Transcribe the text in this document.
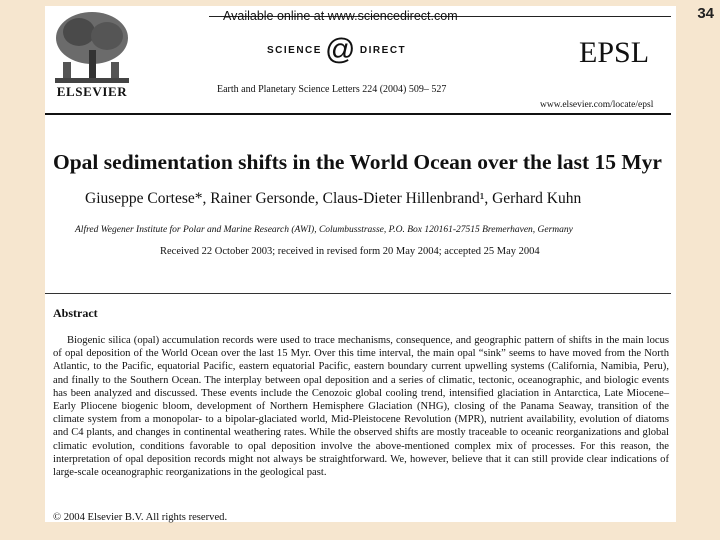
34
ELSEVIER
Available online at www.sciencedirect.com
SCIENCE @ DIRECT	EPSL
Earth and Planetary Science Letters 224 (2004) 509– 527
www.elsevier.com/locate/epsl
Opal sedimentation shifts in the World Ocean over the last 15 Myr
Giuseppe Cortese*, Rainer Gersonde, Claus-Dieter Hillenbrand¹, Gerhard Kuhn
Alfred Wegener Institute for Polar and Marine Research (AWI), Columbusstrasse, P.O. Box 120161-27515 Bremerhaven, Germany
Received 22 October 2003; received in revised form 20 May 2004; accepted 25 May 2004
Abstract
Biogenic silica (opal) accumulation records were used to trace mechanisms, consequence, and geographic pattern of shifts in the main locus of opal deposition of the World Ocean over the last 15 Myr. Over this time interval, the main opal “sink” seems to have moved from the North Atlantic, to the Pacific, equatorial Pacific, eastern equatorial Pacific, eastern boundary current upwelling systems (California, Namibia, Peru), and finally to the Southern Ocean. The interplay between opal deposition and a series of climatic, tectonic, oceanographic, and biologic events has been analyzed and discussed. These events include the Cenozoic global cooling trend, intensified glaciation in Antarctica, Late Miocene– Early Pliocene biogenic bloom, development of Northern Hemisphere Glaciation (NHG), closing of the Panama Seaway, transition of the climate system from a monopolar- to a bipolar-glaciated world, Mid-Pleistocene Revolution (MPR), nutrient availability, evolution of diatoms and C4 plants, and changes in continental weathering rates. While the observed shifts are mostly traceable to oceanic reorganizations and global climatic evolution, conditions favorable to opal deposition involve the above-mentioned complex mix of processes. For this reason, the interpretation of opal deposition records might not always be straightforward. We, however, believe that it can still provide clear indications of large-scale oceanographic reorganizations in the geological past.
© 2004 Elsevier B.V. All rights reserved.
